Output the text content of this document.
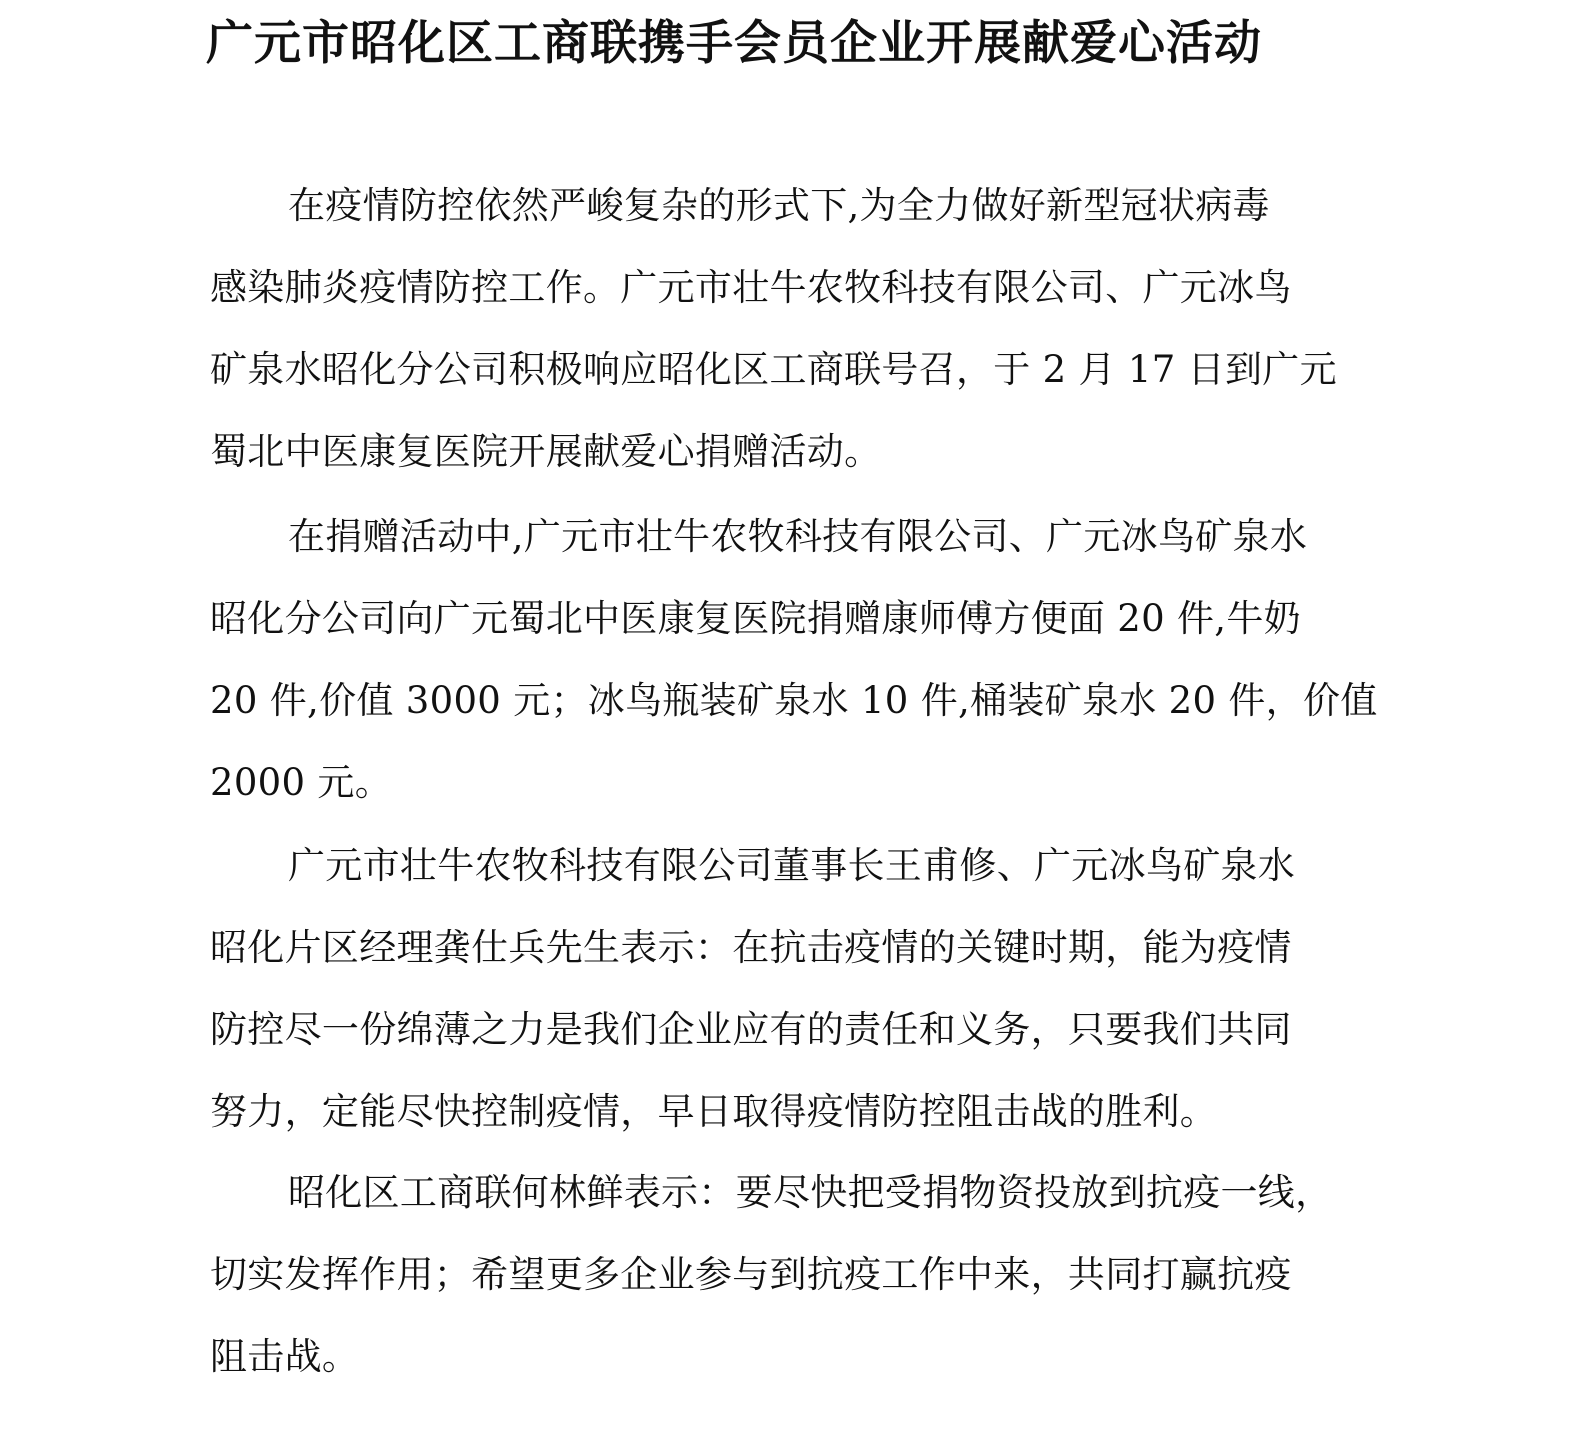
广元市昭化区工商联携手会员企业开展献爱心活动
在疫情防控依然严峻复杂的形式下,为全力做好新型冠状病毒
感染肺炎疫情防控工作。广元市壮牛农牧科技有限公司、广元冰鸟
矿泉水昭化分公司积极响应昭化区工商联号召，于 2 月 17 日到广元
蜀北中医康复医院开展献爱心捐赠活动。
在捐赠活动中,广元市壮牛农牧科技有限公司、广元冰鸟矿泉水
昭化分公司向广元蜀北中医康复医院捐赠康师傅方便面 20 件,牛奶
20 件,价值 3000 元；冰鸟瓶装矿泉水 10 件,桶装矿泉水 20 件，价值
2000 元。
广元市壮牛农牧科技有限公司董事长王甫修、广元冰鸟矿泉水
昭化片区经理龚仕兵先生表示：在抗击疫情的关键时期，能为疫情
防控尽一份绵薄之力是我们企业应有的责任和义务，只要我们共同
努力，定能尽快控制疫情，早日取得疫情防控阻击战的胜利。
昭化区工商联何林鲜表示：要尽快把受捐物资投放到抗疫一线，
切实发挥作用；希望更多企业参与到抗疫工作中来，共同打赢抗疫
阻击战。
